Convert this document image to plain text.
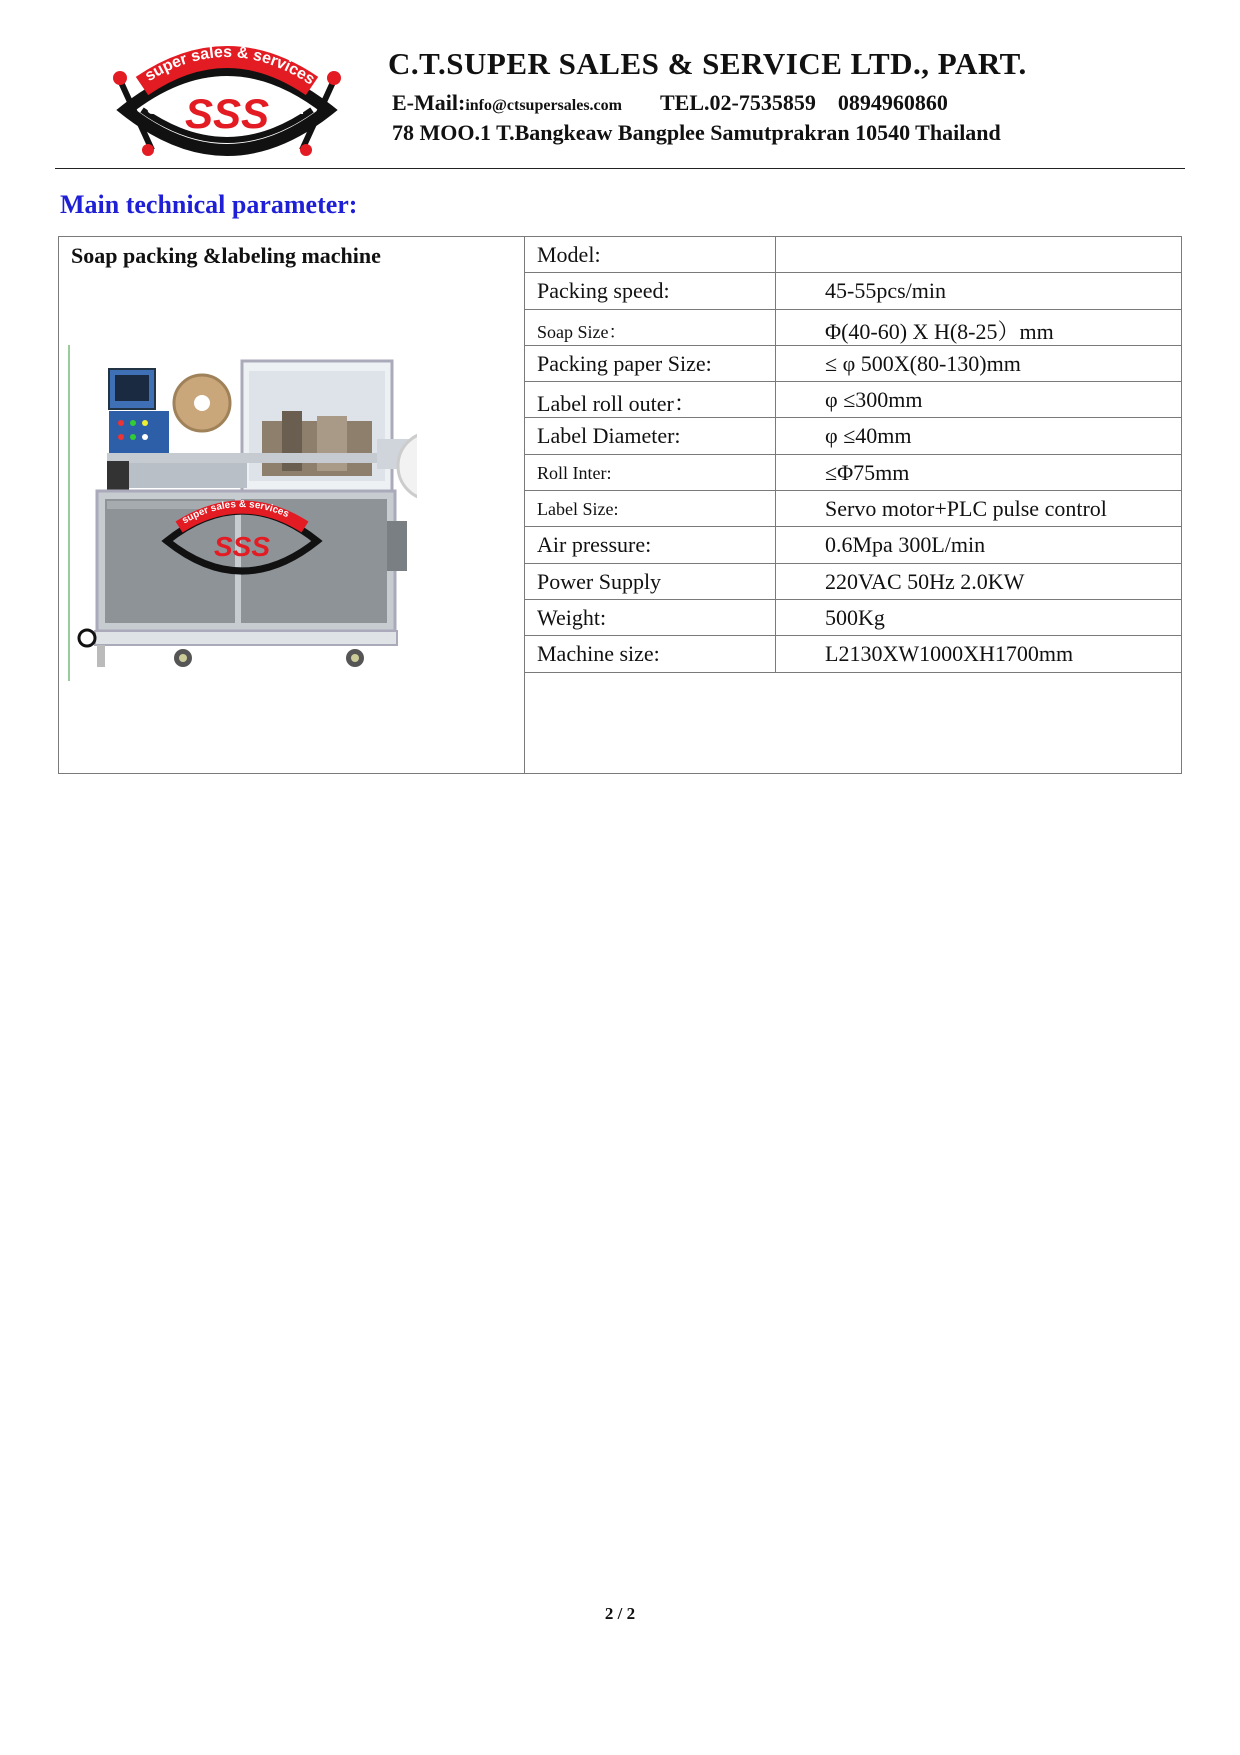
super sales & services
SSS
C	T
C.T.SUPER SALES & SERVICE LTD., PART.
E-Mail:info@ctsupersales.com TEL.02-7535859 0894960860
78 MOO.1 T.Bangkeaw Bangplee Samutprakran 10540 Thailand
Main technical parameter:
Soap packing &labeling machine
super sales & services
SSS
Model:
Packing speed:	45-55pcs/min
Soap Size：	Φ(40-60) X H(8-25）mm
Packing paper Size:	≤ φ 500X(80-130)mm
Label roll outer：	φ ≤300mm
Label Diameter:	φ ≤40mm
Roll Inter:	≤Φ75mm
Label Size:	Servo motor+PLC pulse control
Air pressure:	0.6Mpa 300L/min
Power Supply	220VAC 50Hz 2.0KW
Weight:	500Kg
Machine size:	L2130XW1000XH1700mm
2 / 2
